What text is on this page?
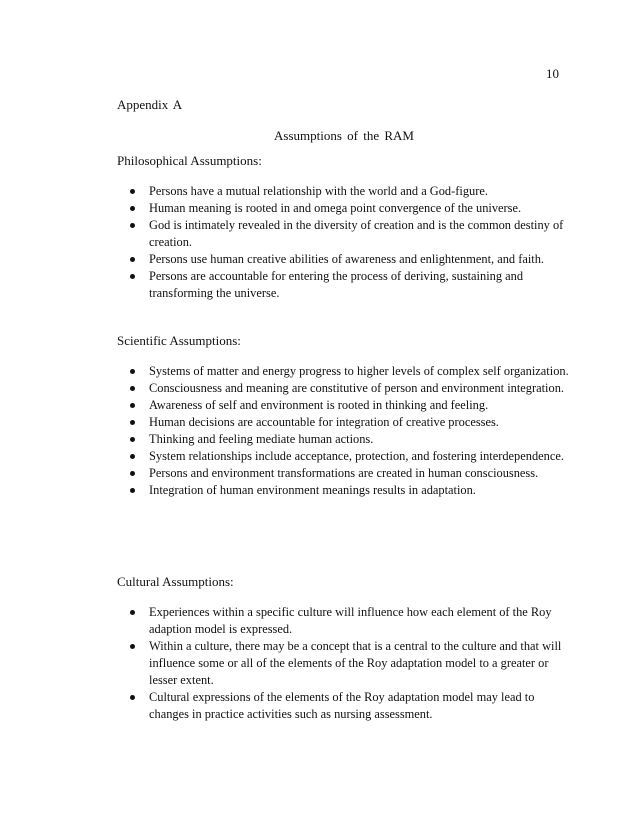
10
Appendix A
Assumptions of the RAM

Philosophical Assumptions:

Persons have a mutual relationship with the world and a God-figure.
Human meaning is rooted in and omega point convergence of the universe.
God is intimately revealed in the diversity of creation and is the common destiny of creation.
Persons use human creative abilities of awareness and enlightenment, and faith.
Persons are accountable for entering the process of deriving, sustaining and transforming the universe.

Scientific Assumptions:

Systems of matter and energy progress to higher levels of complex self organization.
Consciousness and meaning are constitutive of person and environment integration.
Awareness of self and environment is rooted in thinking and feeling.
Human decisions are accountable for integration of creative processes.
Thinking and feeling mediate human actions.
System relationships include acceptance, protection, and fostering interdependence.
Persons and environment transformations are created in human consciousness.
Integration of human environment meanings results in adaptation.

Cultural Assumptions:

Experiences within a specific culture will influence how each element of the Roy adaption model is expressed.
Within a culture, there may be a concept that is a central to the culture and that will influence some or all of the elements of the Roy adaptation model to a greater or lesser extent.
Cultural expressions of the elements of the Roy adaptation model may lead to changes in practice activities such as nursing assessment.
